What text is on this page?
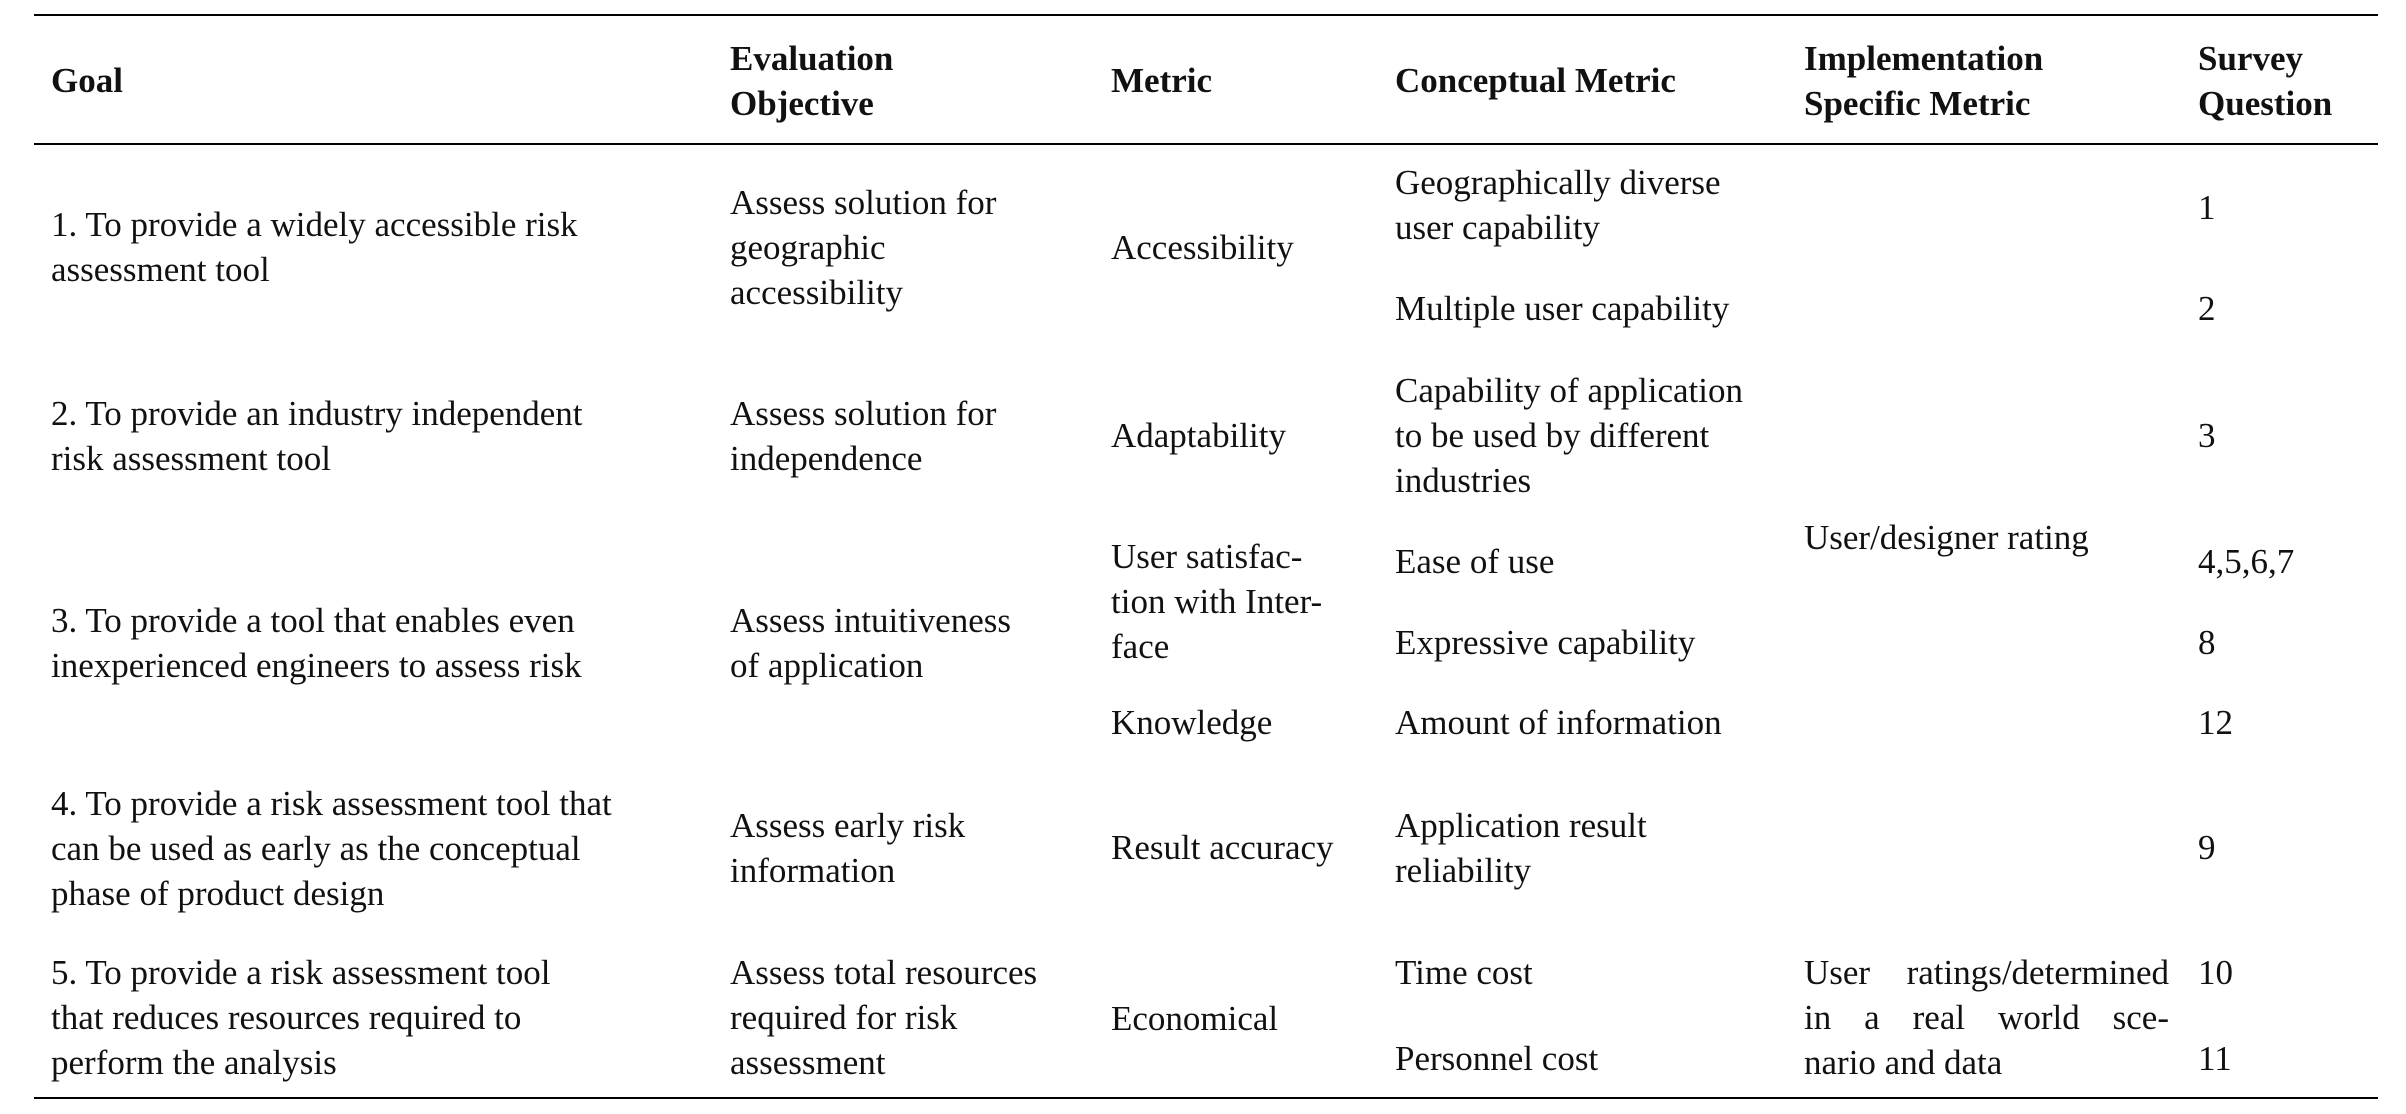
Goal
Evaluation
Objective
Metric	Conceptual Metric
Implementation
Specific Metric
Survey
Question
1. To provide a widely accessible risk
assessment tool
2. To provide an industry independent
risk assessment tool
3. To provide a tool that enables even
inexperienced engineers to assess risk
4. To provide a risk assessment tool that
can be used as early as the conceptual
phase of product design
5. To provide a risk assessment tool
that reduces resources required to
perform the analysis
Assess solution for
geographic
accessibility
Assess solution for
independence
Assess intuitiveness
of application
Assess early risk
information
Assess total resources
required for risk
assessment
Accessibility
Adaptability
User satisfac-
tion with Inter-
face
Knowledge
Result accuracy
Economical
Geographically diverse
user capability
Multiple user capability
Capability of application
to be used by different
industries
Ease of use
Expressive capability
Amount of information
Application result
reliability
Time cost
Personnel cost
User/designer rating
User ratings/determined
in a real world sce-
nario and data
1
2
3
4,5,6,7
8
12
9
10
11
